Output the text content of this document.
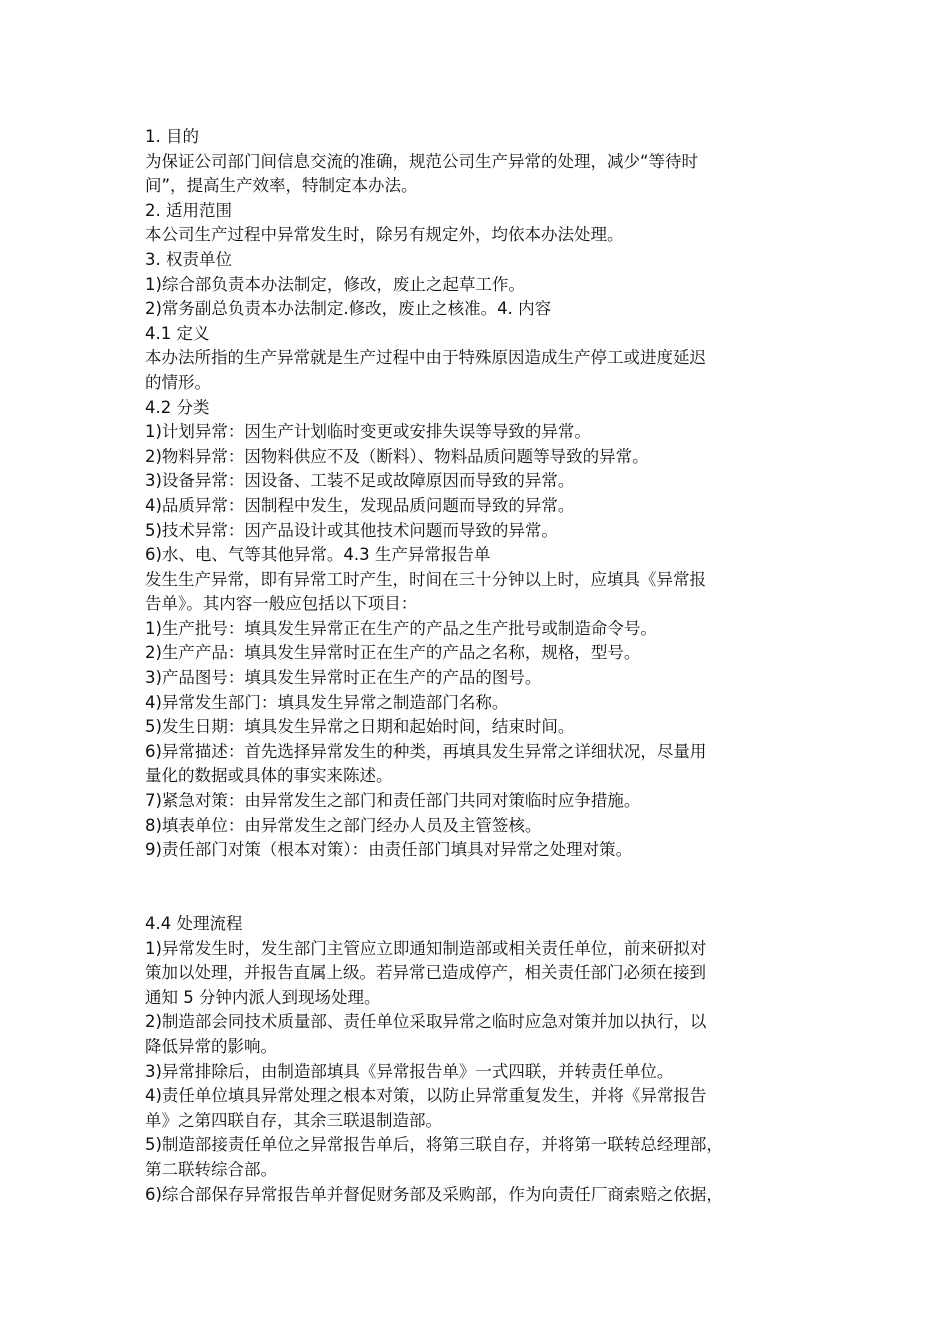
1. 目的
为保证公司部门间信息交流的准确，规范公司生产异常的处理，减少“等待时
间”，提高生产效率，特制定本办法。
2. 适用范围
本公司生产过程中异常发生时，除另有规定外，均依本办法处理。
3. 权责单位
1)综合部负责本办法制定，修改，废止之起草工作。
2)常务副总负责本办法制定.修改，废止之核准。4. 内容
4.1 定义
本办法所指的生产异常就是生产过程中由于特殊原因造成生产停工或进度延迟
的情形。
4.2 分类
1)计划异常：因生产计划临时变更或安排失误等导致的异常。
2)物料异常：因物料供应不及（断料）、物料品质问题等导致的异常。
3)设备异常：因设备、工装不足或故障原因而导致的异常。
4)品质异常：因制程中发生，发现品质问题而导致的异常。
5)技术异常：因产品设计或其他技术问题而导致的异常。
6)水、电、气等其他异常。4.3 生产异常报告单
发生生产异常，即有异常工时产生，时间在三十分钟以上时，应填具《异常报
告单》。其内容一般应包括以下项目：
1)生产批号：填具发生异常正在生产的产品之生产批号或制造命令号。
2)生产产品：填具发生异常时正在生产的产品之名称，规格，型号。
3)产品图号：填具发生异常时正在生产的产品的图号。
4)异常发生部门：填具发生异常之制造部门名称。
5)发生日期：填具发生异常之日期和起始时间，结束时间。
6)异常描述：首先选择异常发生的种类，再填具发生异常之详细状况，尽量用
量化的数据或具体的事实来陈述。
7)紧急对策：由异常发生之部门和责任部门共同对策临时应争措施。
8)填表单位：由异常发生之部门经办人员及主管签核。
9)责任部门对策（根本对策）：由责任部门填具对异常之处理对策。
4.4 处理流程
1)异常发生时，发生部门主管应立即通知制造部或相关责任单位，前来研拟对
策加以处理，并报告直属上级。若异常已造成停产，相关责任部门必须在接到
通知 5 分钟内派人到现场处理。
2)制造部会同技术质量部、责任单位采取异常之临时应急对策并加以执行，以
降低异常的影响。
3)异常排除后，由制造部填具《异常报告单》一式四联，并转责任单位。
4)责任单位填具异常处理之根本对策，以防止异常重复发生，并将《异常报告
单》之第四联自存，其余三联退制造部。
5)制造部接责任单位之异常报告单后，将第三联自存，并将第一联转总经理部，
第二联转综合部。
6)综合部保存异常报告单并督促财务部及采购部，作为向责任厂商索赔之依据，
